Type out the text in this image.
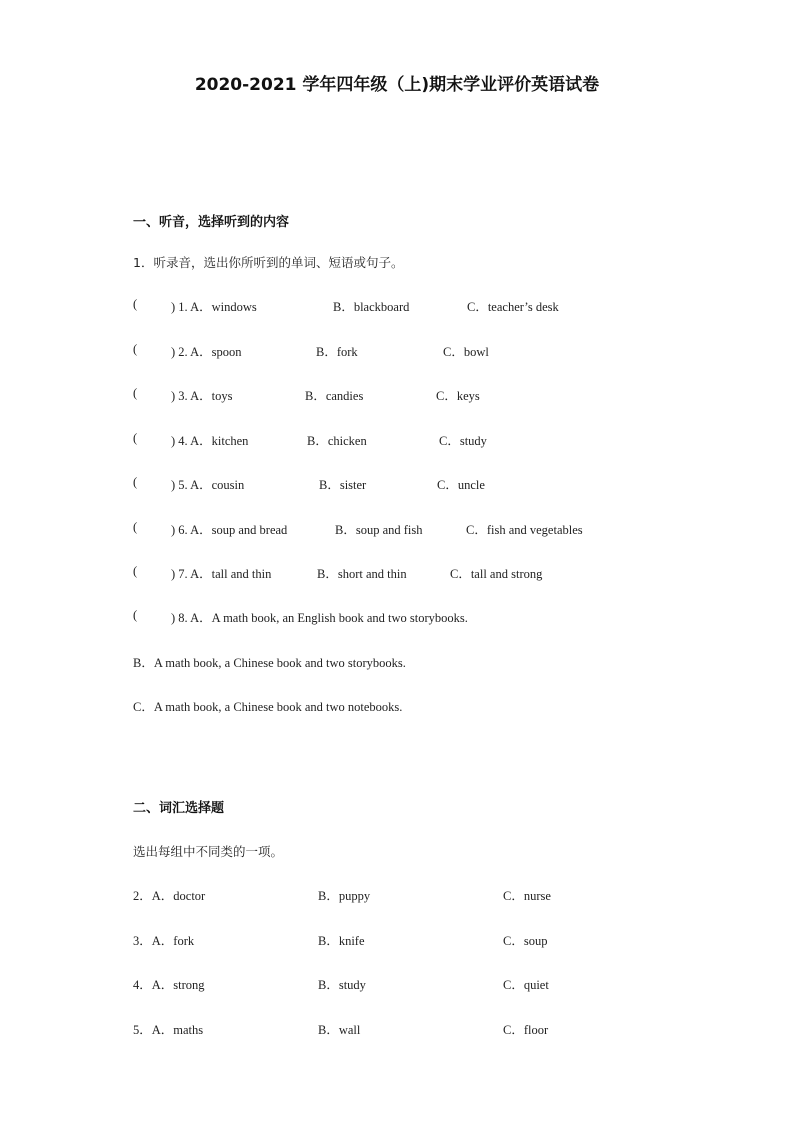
2020-2021 学年四年级（上)期末学业评价英语试卷
一、听音，选择听到的内容
1．听录音，选出你所听到的单词、短语或句子。
(	) 1. A．windows	B．blackboard	C．teacher’s desk
(	) 2. A．spoon	B．fork	C．bowl
(	) 3. A．toys	B．candies	C．keys
(	) 4. A．kitchen	B．chicken	C．study
(	) 5. A．cousin	B．sister	C．uncle
(	) 6. A．soup and bread	B．soup and fish	C．fish and vegetables
(	) 7. A．tall and thin	B．short and thin	C．tall and strong
(	) 8. A．A math book, an English book and two storybooks.
B．A math book, a Chinese book and two storybooks.
C．A math book, a Chinese book and two notebooks.
二、词汇选择题
选出每组中不同类的一项。
2．A．doctor	B．puppy	C．nurse
3．A．fork	B．knife	C．soup
4．A．strong	B．study	C．quiet
5．A．maths	B．wall	C．floor
